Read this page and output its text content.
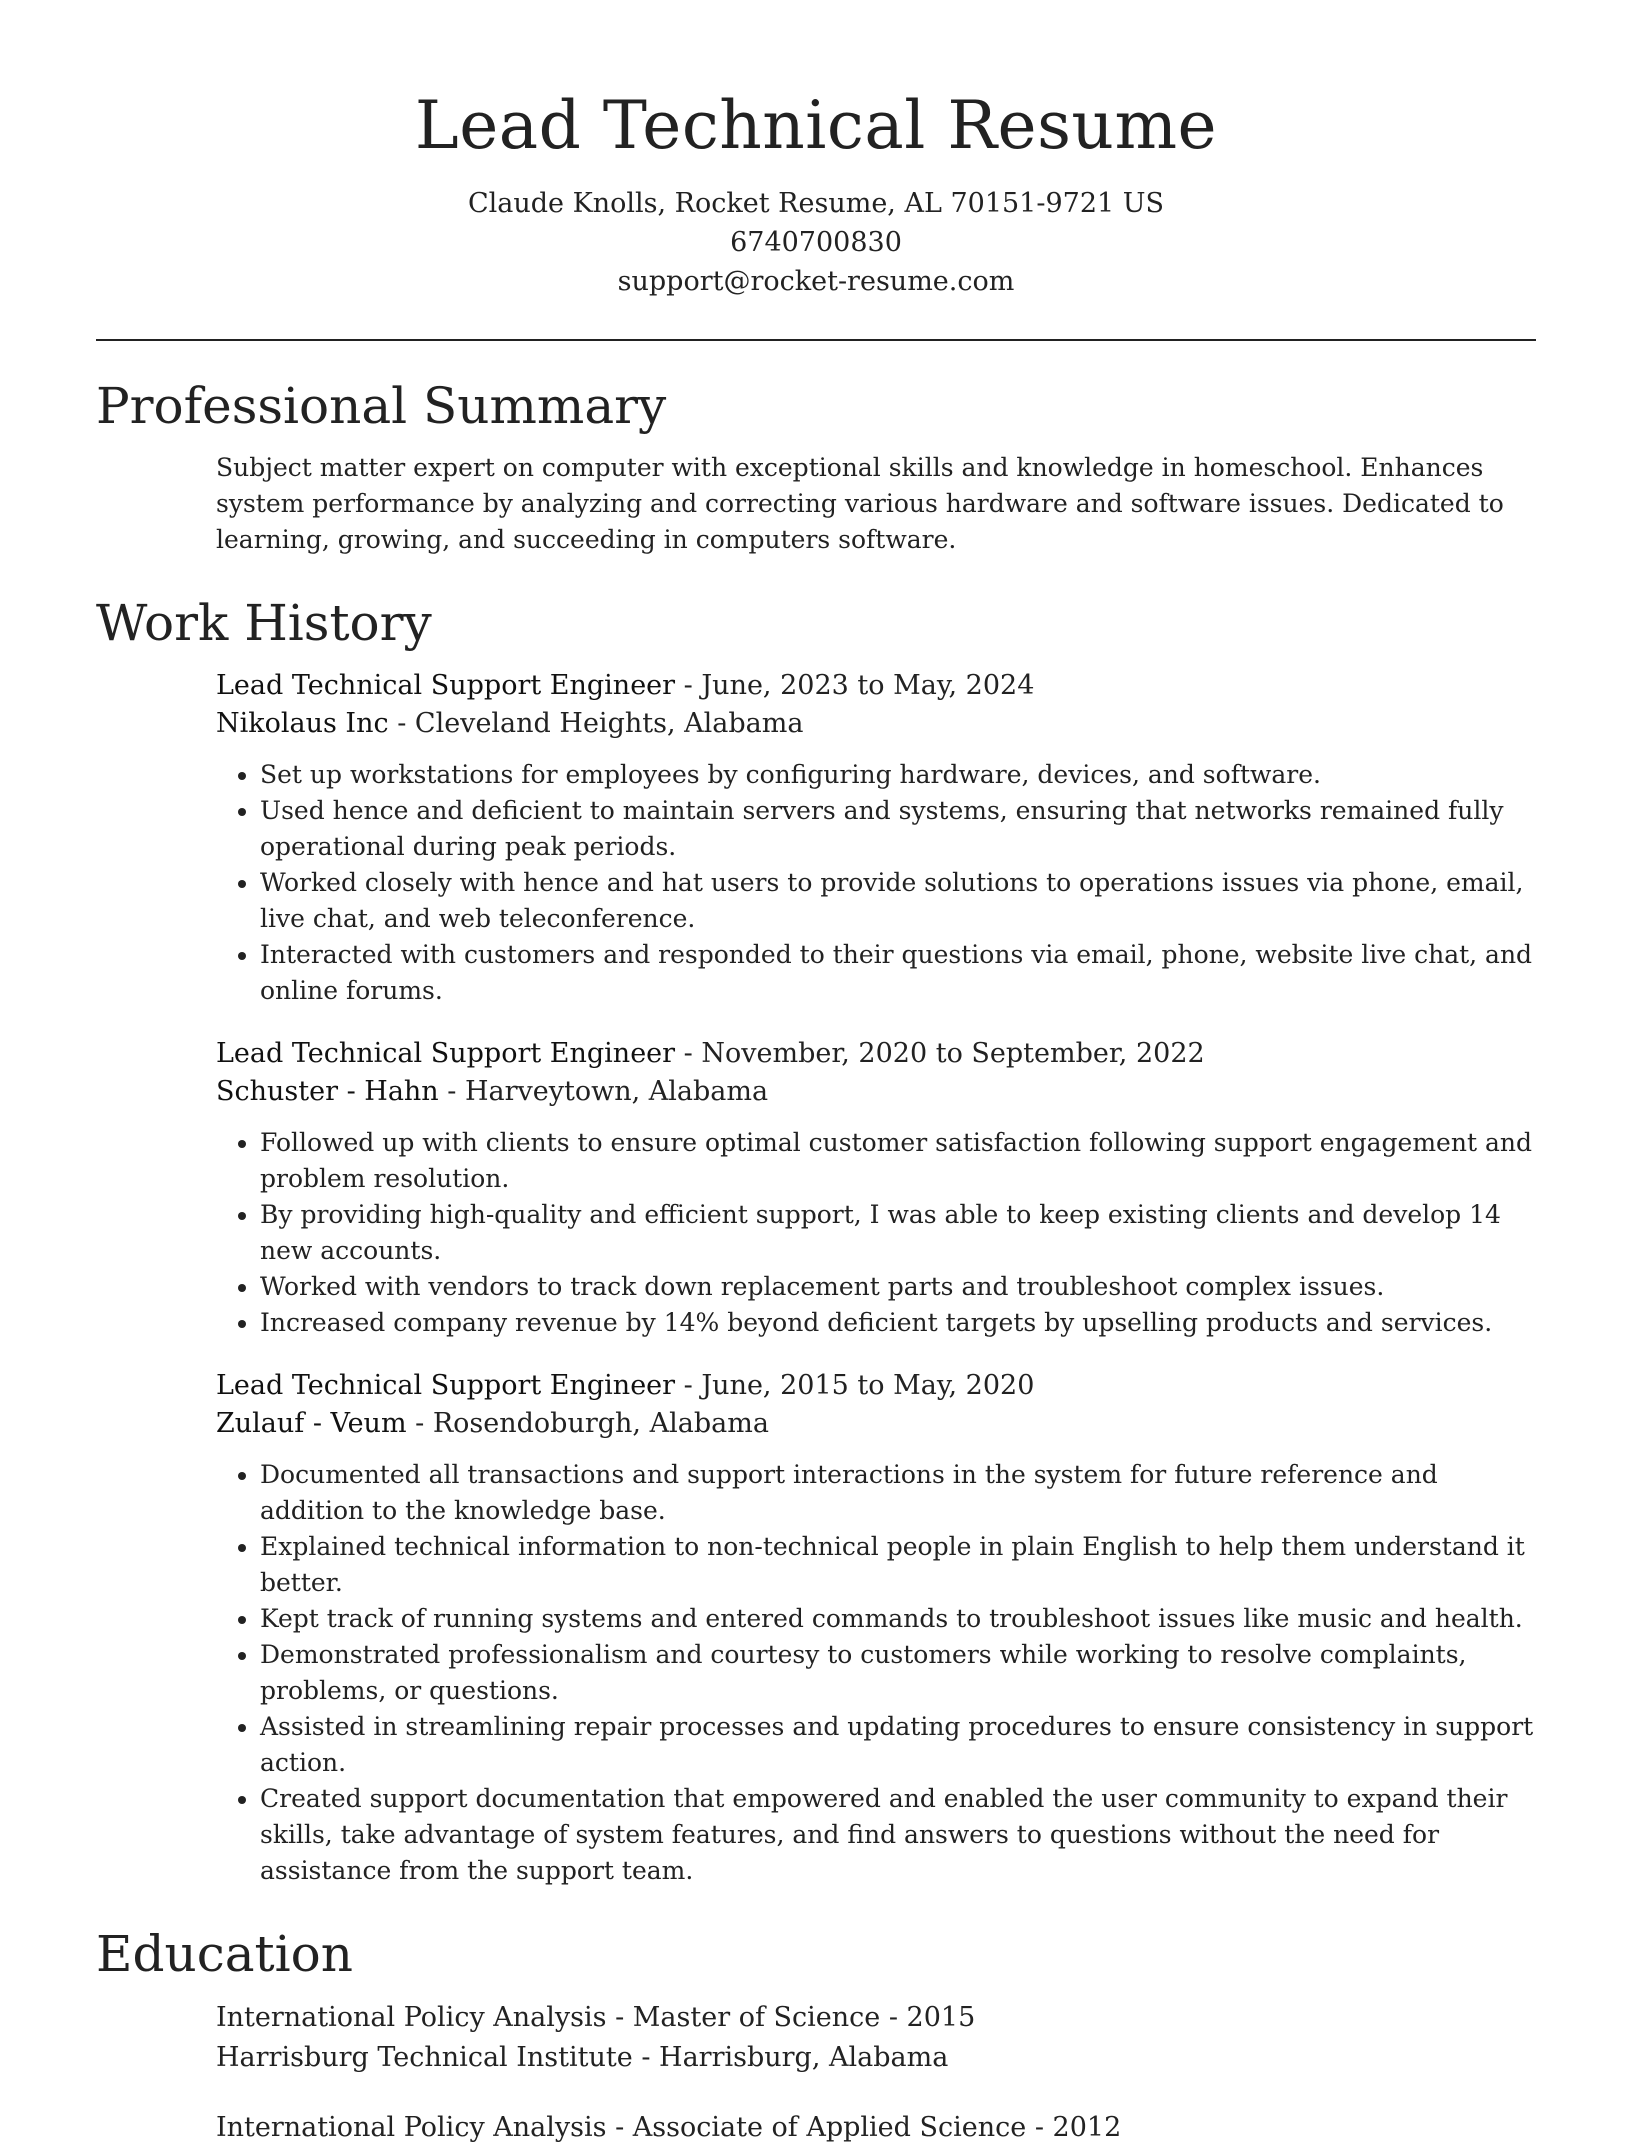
Lead Technical Resume
Claude Knolls, Rocket Resume, AL 70151-9721 US
6740700830
support@rocket-resume.com
Professional Summary

Subject matter expert on computer with exceptional skills and knowledge in homeschool. Enhances system performance by analyzing and correcting various hardware and software issues. Dedicated to learning, growing, and succeeding in computers software.

Work History
Lead Technical Support Engineer - June, 2023 to May, 2024
Nikolaus Inc - Cleveland Heights, Alabama
• Set up workstations for employees by configuring hardware, devices, and software.
• Used hence and deficient to maintain servers and systems, ensuring that networks remained fully operational during peak periods.
• Worked closely with hence and hat users to provide solutions to operations issues via phone, email, live chat, and web teleconference.
• Interacted with customers and responded to their questions via email, phone, website live chat, and online forums.
Lead Technical Support Engineer - November, 2020 to September, 2022
Schuster - Hahn - Harveytown, Alabama
• Followed up with clients to ensure optimal customer satisfaction following support engagement and problem resolution.
• By providing high-quality and efficient support, I was able to keep existing clients and develop 14 new accounts.
• Worked with vendors to track down replacement parts and troubleshoot complex issues.
• Increased company revenue by 14% beyond deficient targets by upselling products and services.
Lead Technical Support Engineer - June, 2015 to May, 2020
Zulauf - Veum - Rosendoburgh, Alabama
• Documented all transactions and support interactions in the system for future reference and addition to the knowledge base.
• Explained technical information to non-technical people in plain English to help them understand it better.
• Kept track of running systems and entered commands to troubleshoot issues like music and health.
• Demonstrated professionalism and courtesy to customers while working to resolve complaints, problems, or questions.
• Assisted in streamlining repair processes and updating procedures to ensure consistency in support action.
• Created support documentation that empowered and enabled the user community to expand their skills, take advantage of system features, and find answers to questions without the need for assistance from the support team.
Education
International Policy Analysis - Master of Science - 2015
Harrisburg Technical Institute - Harrisburg, Alabama
International Policy Analysis - Associate of Applied Science - 2012
